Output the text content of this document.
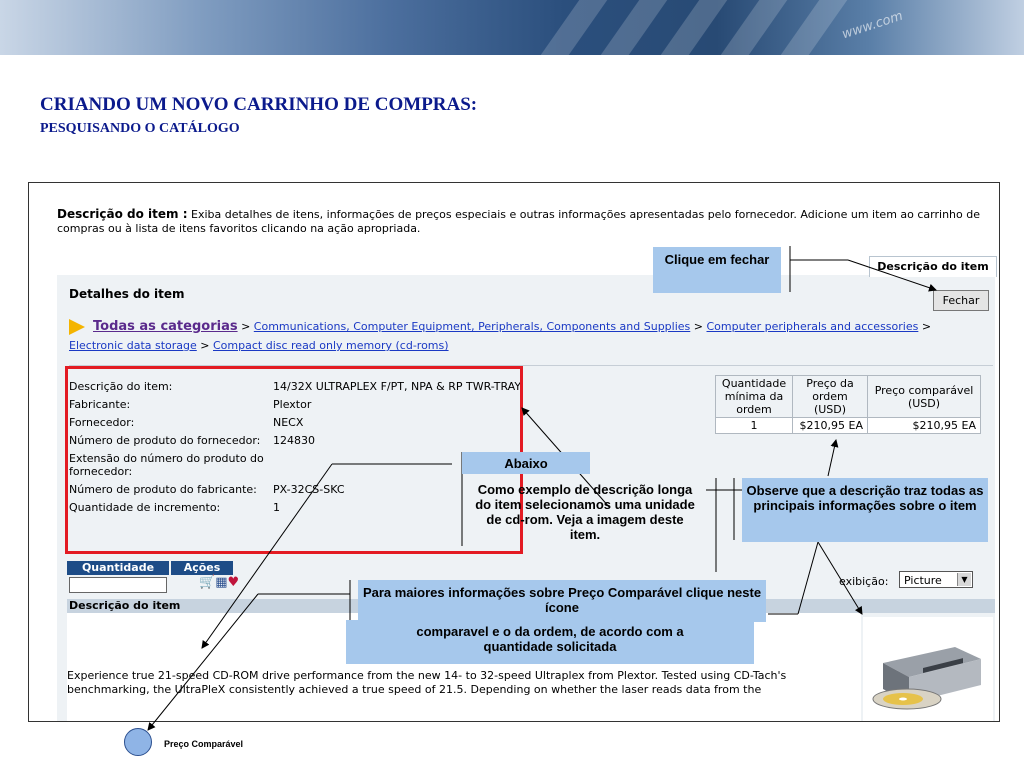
www.com
CRIANDO UM NOVO CARRINHO DE COMPRAS:
PESQUISANDO O CATÁLOGO
Descrição do item : Exiba detalhes de itens, informações de preços especiais e outras informações apresentadas pelo fornecedor. Adicione um item ao carrinho de compras ou à lista de itens favoritos clicando na ação apropriada.
Descrição do item
Detalhes do item	Fechar
Todas as categorias > Communications, Computer Equipment, Peripherals, Components and Supplies > Computer peripherals and accessories >
Electronic data storage > Compact disc read only memory (cd-roms)
Descrição do item:	14/32X ULTRAPLEX F/PT, NPA & RP TWR-TRAY
Fabricante:	Plextor
Fornecedor:	NECX
Número de produto do fornecedor:	124830
Extensão do número do produto do fornecedor:
Número de produto do fabricante:	PX-32CS-SKC
Quantidade de incremento:	1
Quantidade mínima da ordem	Preço da ordem (USD)	Preço comparável (USD)
1	$210,95 EA	$210,95 EA
Quantidade	Ações
🛒▦♥	exibição:	Picture	▼
Descrição do item
Experience true 21-speed CD-ROM drive performance from the new 14- to 32-speed Ultraplex from Plextor. Tested using CD-Tach's benchmarking, the UltraPleX consistently achieved a true speed of 21.5. Depending on whether the laser reads data from the
Clique em fechar
Abaixo
Como exemplo de descrição longa do item selecionamos uma unidade de cd-rom. Veja a imagem deste item.
Observe que a descrição traz todas as principais informações sobre o item
Para maiores informações sobre Preço Comparável clique neste ícone
comparavel e o da ordem, de acordo com a quantidade solicitada
Preço Comparável
